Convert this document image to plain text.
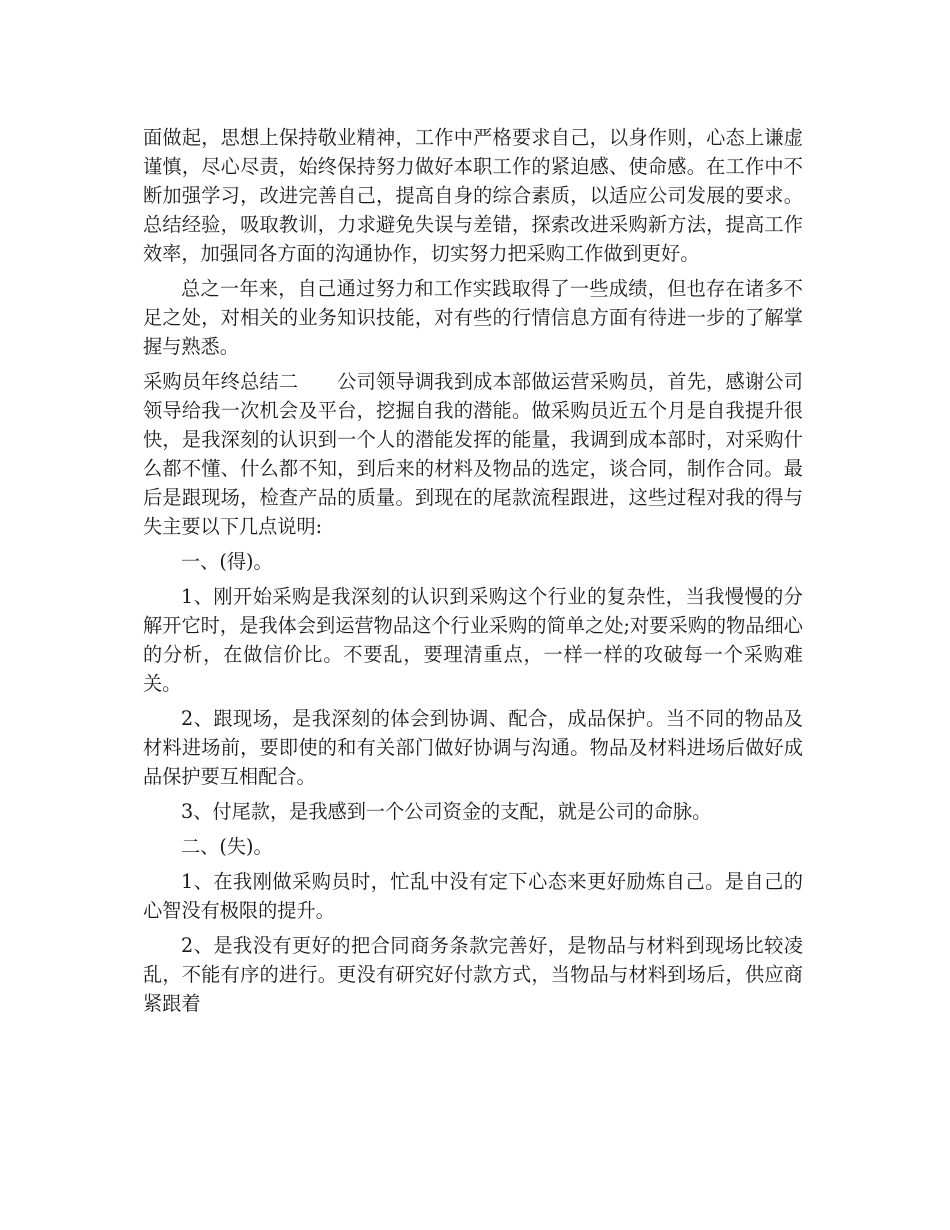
面做起，思想上保持敬业精神，工作中严格要求自己，以身作则，心态上谦虚谨慎，尽心尽责，始终保持努力做好本职工作的紧迫感、使命感。在工作中不断加强学习，改进完善自己，提高自身的综合素质，以适应公司发展的要求。总结经验，吸取教训，力求避免失误与差错，探索改进采购新方法，提高工作效率，加强同各方面的沟通协作，切实努力把采购工作做到更好。

总之一年来，自己通过努力和工作实践取得了一些成绩，但也存在诸多不足之处，对相关的业务知识技能，对有些的行情信息方面有待进一步的了解掌握与熟悉。

采购员年终总结二　　公司领导调我到成本部做运营采购员，首先，感谢公司领导给我一次机会及平台，挖掘自我的潜能。做采购员近五个月是自我提升很快，是我深刻的认识到一个人的潜能发挥的能量，我调到成本部时，对采购什么都不懂、什么都不知，到后来的材料及物品的选定，谈合同，制作合同。最后是跟现场，检查产品的质量。到现在的尾款流程跟进，这些过程对我的得与失主要以下几点说明:

一、(得)。

1、刚开始采购是我深刻的认识到采购这个行业的复杂性，当我慢慢的分解开它时，是我体会到运营物品这个行业采购的简单之处;对要采购的物品细心的分析，在做信价比。不要乱，要理清重点，一样一样的攻破每一个采购难关。

2、跟现场，是我深刻的体会到协调、配合，成品保护。当不同的物品及材料进场前，要即使的和有关部门做好协调与沟通。物品及材料进场后做好成品保护要互相配合。

3、付尾款，是我感到一个公司资金的支配，就是公司的命脉。

二、(失)。

1、在我刚做采购员时，忙乱中没有定下心态来更好励炼自己。是自己的心智没有极限的提升。

2、是我没有更好的把合同商务条款完善好，是物品与材料到现场比较凌乱，不能有序的进行。更没有研究好付款方式，当物品与材料到场后，供应商紧跟着
